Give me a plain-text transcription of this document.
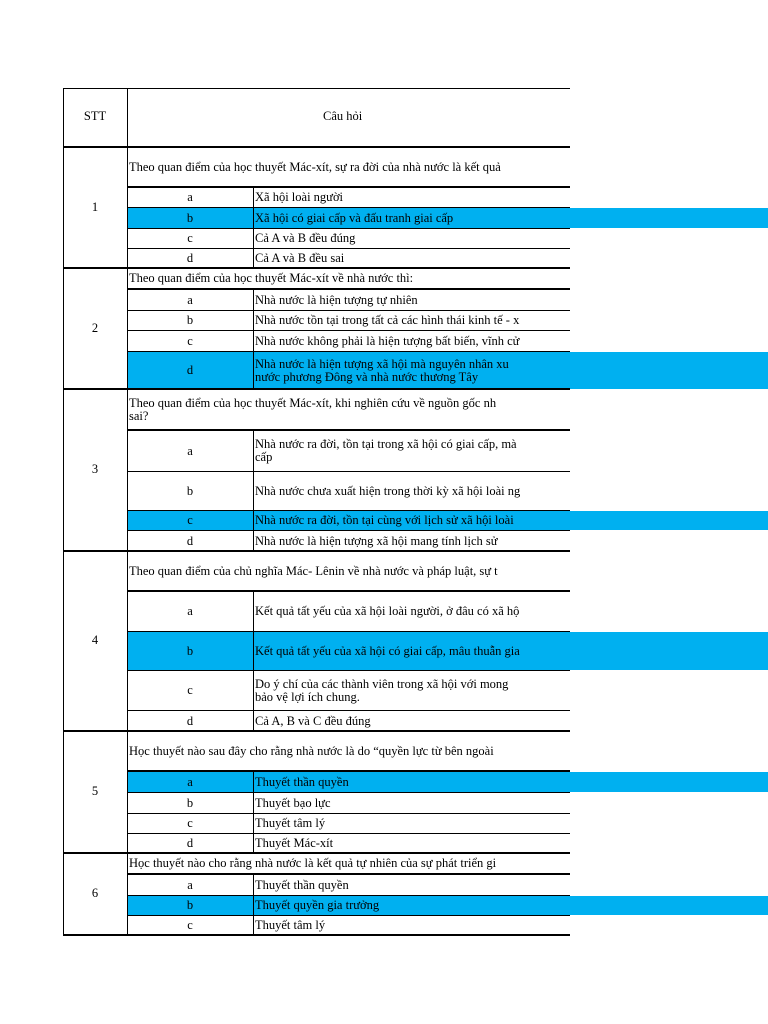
STT	Câu hỏi
1
Theo quan điểm của học thuyết Mác-xít, sự ra đời của nhà nước là kết quả
a	Xã hội loài người
b	Xã hội có giai cấp và đấu tranh giai cấp
c	Cả A và B đều đúng
d	Cả A và B đều sai
2
Theo quan điểm của học thuyết Mác-xít về nhà nước thì:
a	Nhà nước là hiện tượng tự nhiên
b	Nhà nước tồn tại trong tất cả các hình thái kinh tế - x
c	Nhà nước không phải là hiện tượng bất biến, vĩnh cử
d	Nhà nước là hiện tượng xã hội mà nguyên nhân xu
nước phương Đông và nhà nước thương Tây
3
Theo quan điểm của học thuyết Mác-xít, khi nghiên cứu về nguồn gốc nh
sai?
a	Nhà nước ra đời, tồn tại trong xã hội có giai cấp, mà
cấp
b	Nhà nước chưa xuất hiện trong thời kỳ xã hội loài ng
c	Nhà nước ra đời, tồn tại cùng với lịch sử xã hội loài
d	Nhà nước là hiện tượng xã hội mang tính lịch sử
4
Theo quan điểm của chủ nghĩa Mác- Lênin về nhà nước và pháp luật, sự t
a	Kết quả tất yếu của xã hội loài người, ở đâu có xã hộ
b	Kết quả tất yếu của xã hội có giai cấp, mâu thuẫn gia
c	Do ý chí của các thành viên trong xã hội với mong
bảo vệ lợi ích chung.
d	Cả A, B và C đều đúng
5
Học thuyết nào sau đây cho rằng nhà nước là do “quyền lực từ bên ngoài
a	Thuyết thần quyền
b	Thuyết bạo lực
c	Thuyết tâm lý
d	Thuyết Mác-xít
6
Học thuyết nào cho rằng nhà nước là kết quả tự nhiên của sự phát triển gi
a	Thuyết thần quyền
b	Thuyết quyền gia trưởng
c	Thuyết tâm lý
